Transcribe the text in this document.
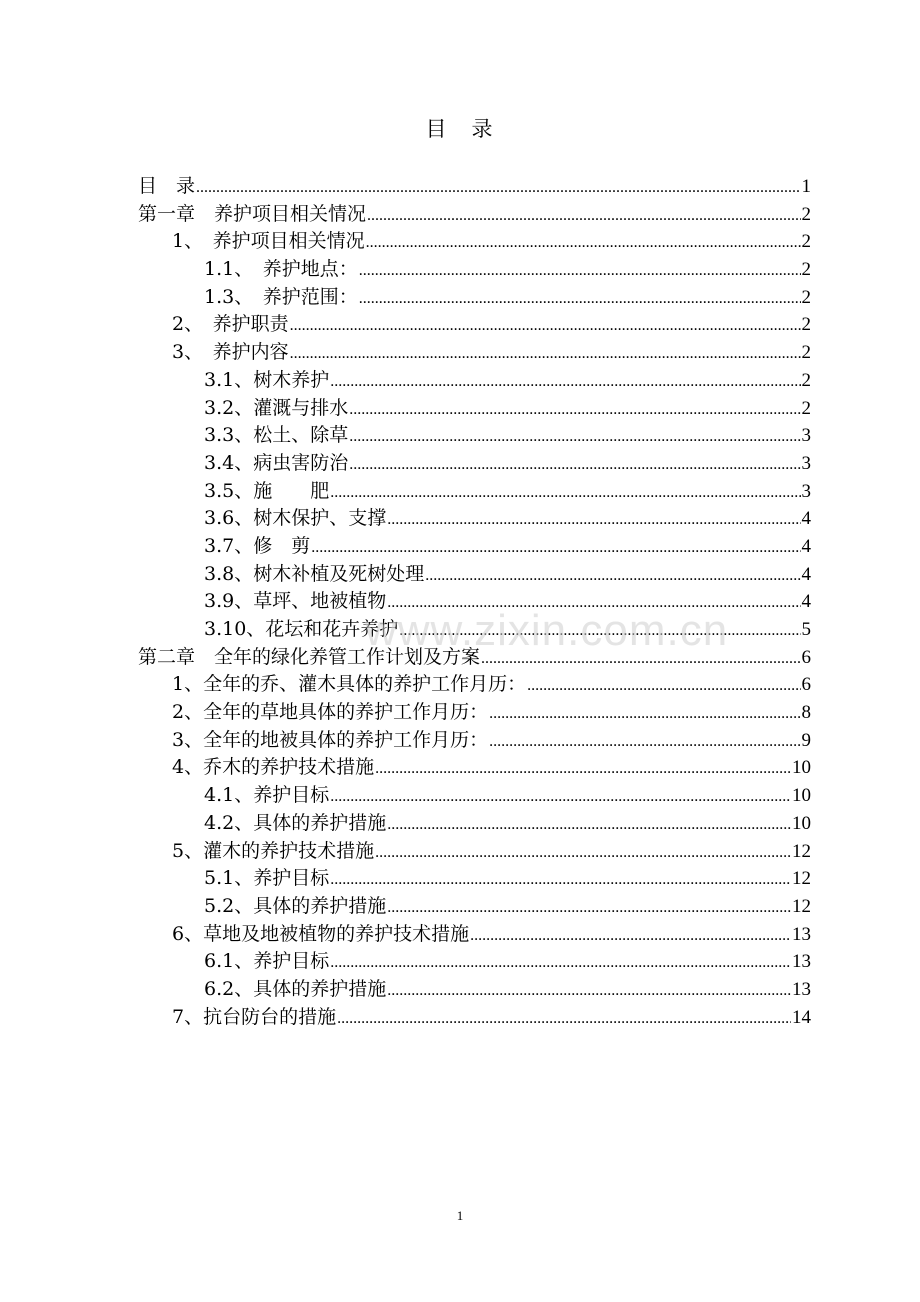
目　录
目　录 .....	1
第一章　养护项目相关情况 .....	2
1、　养护项目相关情况 .....	2
1.1、　养护地点： .....	2
1.3、　养护范围： .....	2
2、　养护职责 .....	2
3、　养护内容 .....	2
3.1、树木养护 .....	2
3.2、灌溉与排水 .....	2
3.3、松土、除草 .....	3
3.4、病虫害防治 .....	3
3.5、施　　肥 .....	3
3.6、树木保护、支撑 .....	4
3.7、修　剪 .....	4
3.8、树木补植及死树处理 .....	4
3.9、草坪、地被植物 .....	4
3.10、花坛和花卉养护 .....	5
第二章　全年的绿化养管工作计划及方案 .....	6
1、全年的乔、灌木具体的养护工作月历： .....	6
2、全年的草地具体的养护工作月历： .....	8
3、全年的地被具体的养护工作月历： .....	9
4、乔木的养护技术措施 .....	10
4.1、养护目标 .....	10
4.2、具体的养护措施 .....	10
5、灌木的养护技术措施 .....	12
5.1、养护目标 .....	12
5.2、具体的养护措施 .....	12
6、草地及地被植物的养护技术措施 .....	13
6.1、养护目标 .....	13
6.2、具体的养护措施 .....	13
7、抗台防台的措施 .....	14
www.zixin.com.cn
1
